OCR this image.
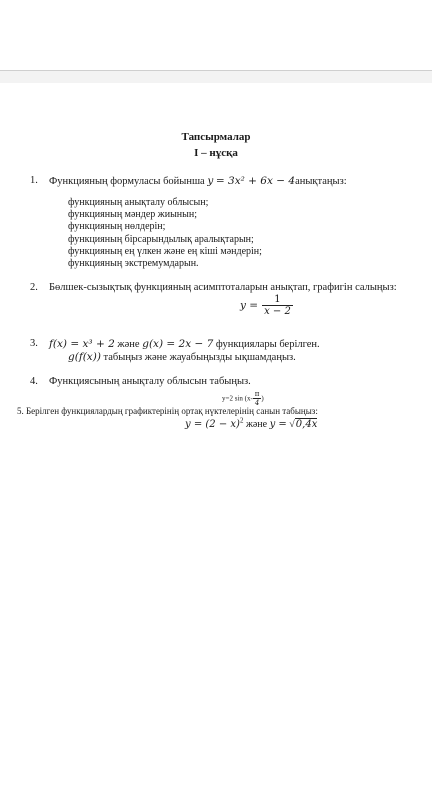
Тапсырмалар
I – нұсқа
1. Функцияның формуласы бойынша y = 3x² + 6x − 4анықтаңыз:
функцияның анықталу облысын;
функцияның мәндер жиынын;
функцияның нөлдерін;
функцияның бірсарындылық аралықтарын;
функцияның ең үлкен және ең кіші мәндерін;
функцияның экстремумдарын.
2. Бөлшек-сызықтық функцияның асимптоталарын анықтап, графигін салыңыз:
$y = \frac{1}{x - 2}$
3. f(x) = x³ + 2 және g(x) = 2x − 7 функциялары берілген.
g(f(x)) табыңыз және жауабыңызды ықшамдаңыз.
4. Функциясының анықталу облысын табыңыз.
y=2 $\sin (x- \frac{\pi}{4}$ )
5. Берілген функциялардың графиктерінің ортақ нүктелерінің санын табыңыз:
$y = (2 - x)^2$ және y = √0,4x
